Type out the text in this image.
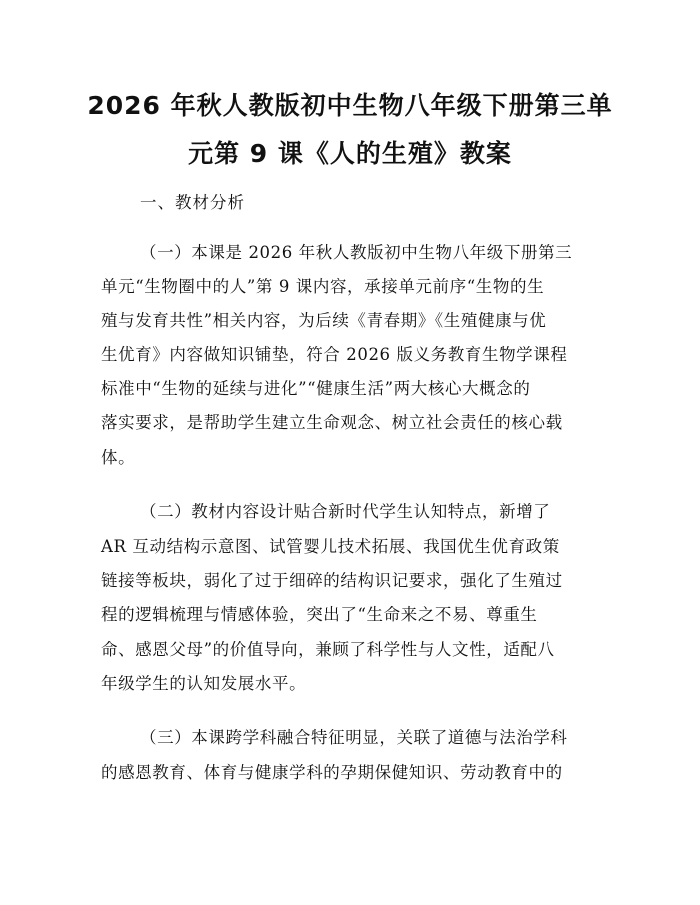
2026 年秋人教版初中生物八年级下册第三单
元第 9 课《人的生殖》教案
一、教材分析
（一）本课是 2026 年秋人教版初中生物八年级下册第三
单元“生物圈中的人”第 9 课内容，承接单元前序“生物的生
殖与发育共性”相关内容，为后续《青春期》《生殖健康与优
生优育》内容做知识铺垫，符合 2026 版义务教育生物学课程
标准中“生物的延续与进化”“健康生活”两大核心大概念的
落实要求，是帮助学生建立生命观念、树立社会责任的核心载
体。
（二）教材内容设计贴合新时代学生认知特点，新增了
AR 互动结构示意图、试管婴儿技术拓展、我国优生优育政策
链接等板块，弱化了过于细碎的结构识记要求，强化了生殖过
程的逻辑梳理与情感体验，突出了“生命来之不易、尊重生
命、感恩父母”的价值导向，兼顾了科学性与人文性，适配八
年级学生的认知发展水平。
（三）本课跨学科融合特征明显，关联了道德与法治学科
的感恩教育、体育与健康学科的孕期保健知识、劳动教育中的
